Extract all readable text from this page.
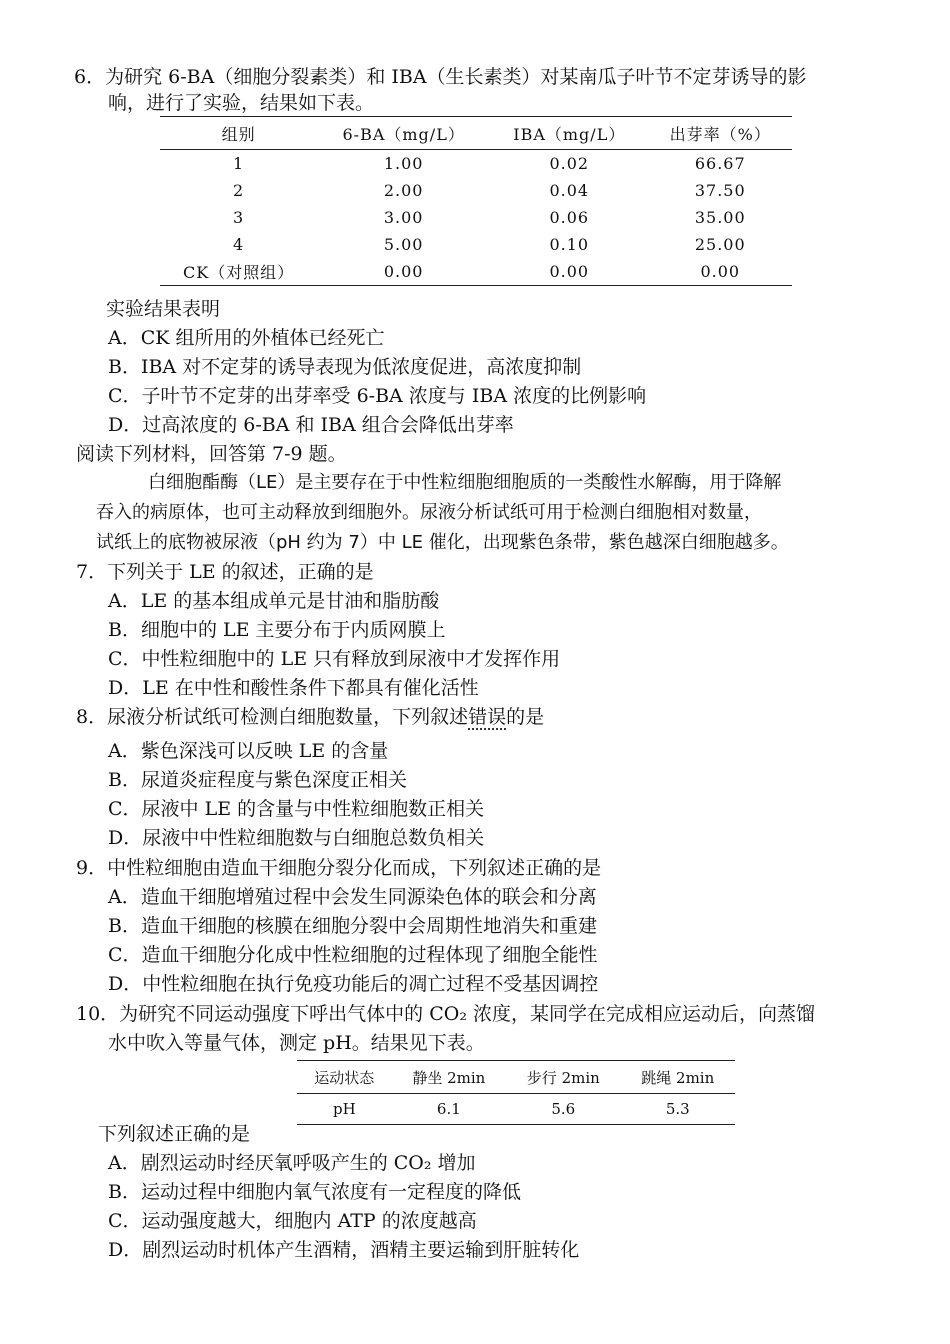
6．为研究 6-BA（细胞分裂素类）和 IBA（生长素类）对某南瓜子叶节不定芽诱导的影
响，进行了实验，结果如下表。
组别	6-BA（mg/L）	IBA（mg/L）	出芽率（%）
1	1.00	0.02	66.67
2	2.00	0.04	37.50
3	3.00	0.06	35.00
4	5.00	0.10	25.00
CK（对照组）	0.00	0.00	0.00
实验结果表明
A．CK 组所用的外植体已经死亡
B．IBA 对不定芽的诱导表现为低浓度促进，高浓度抑制
C．子叶节不定芽的出芽率受 6-BA 浓度与 IBA 浓度的比例影响
D．过高浓度的 6-BA 和 IBA 组合会降低出芽率
阅读下列材料，回答第 7-9 题。
白细胞酯酶（LE）是主要存在于中性粒细胞细胞质的一类酸性水解酶，用于降解
吞入的病原体，也可主动释放到细胞外。尿液分析试纸可用于检测白细胞相对数量，
试纸上的底物被尿液（pH 约为 7）中 LE 催化，出现紫色条带，紫色越深白细胞越多。
7．下列关于 LE 的叙述，正确的是
A．LE 的基本组成单元是甘油和脂肪酸
B．细胞中的 LE 主要分布于内质网膜上
C．中性粒细胞中的 LE 只有释放到尿液中才发挥作用
D．LE 在中性和酸性条件下都具有催化活性
8．尿液分析试纸可检测白细胞数量，下列叙述错误的是
A．紫色深浅可以反映 LE 的含量
B．尿道炎症程度与紫色深度正相关
C．尿液中 LE 的含量与中性粒细胞数正相关
D．尿液中中性粒细胞数与白细胞总数负相关
9．中性粒细胞由造血干细胞分裂分化而成，下列叙述正确的是
A．造血干细胞增殖过程中会发生同源染色体的联会和分离
B．造血干细胞的核膜在细胞分裂中会周期性地消失和重建
C．造血干细胞分化成中性粒细胞的过程体现了细胞全能性
D．中性粒细胞在执行免疫功能后的凋亡过程不受基因调控
10．为研究不同运动强度下呼出气体中的 CO₂ 浓度，某同学在完成相应运动后，向蒸馏
水中吹入等量气体，测定 pH。结果见下表。
运动状态	静坐 2min	步行 2min	跳绳 2min
pH	6.1	5.6	5.3
下列叙述正确的是
A．剧烈运动时经厌氧呼吸产生的 CO₂ 增加
B．运动过程中细胞内氧气浓度有一定程度的降低
C．运动强度越大，细胞内 ATP 的浓度越高
D．剧烈运动时机体产生酒精，酒精主要运输到肝脏转化
